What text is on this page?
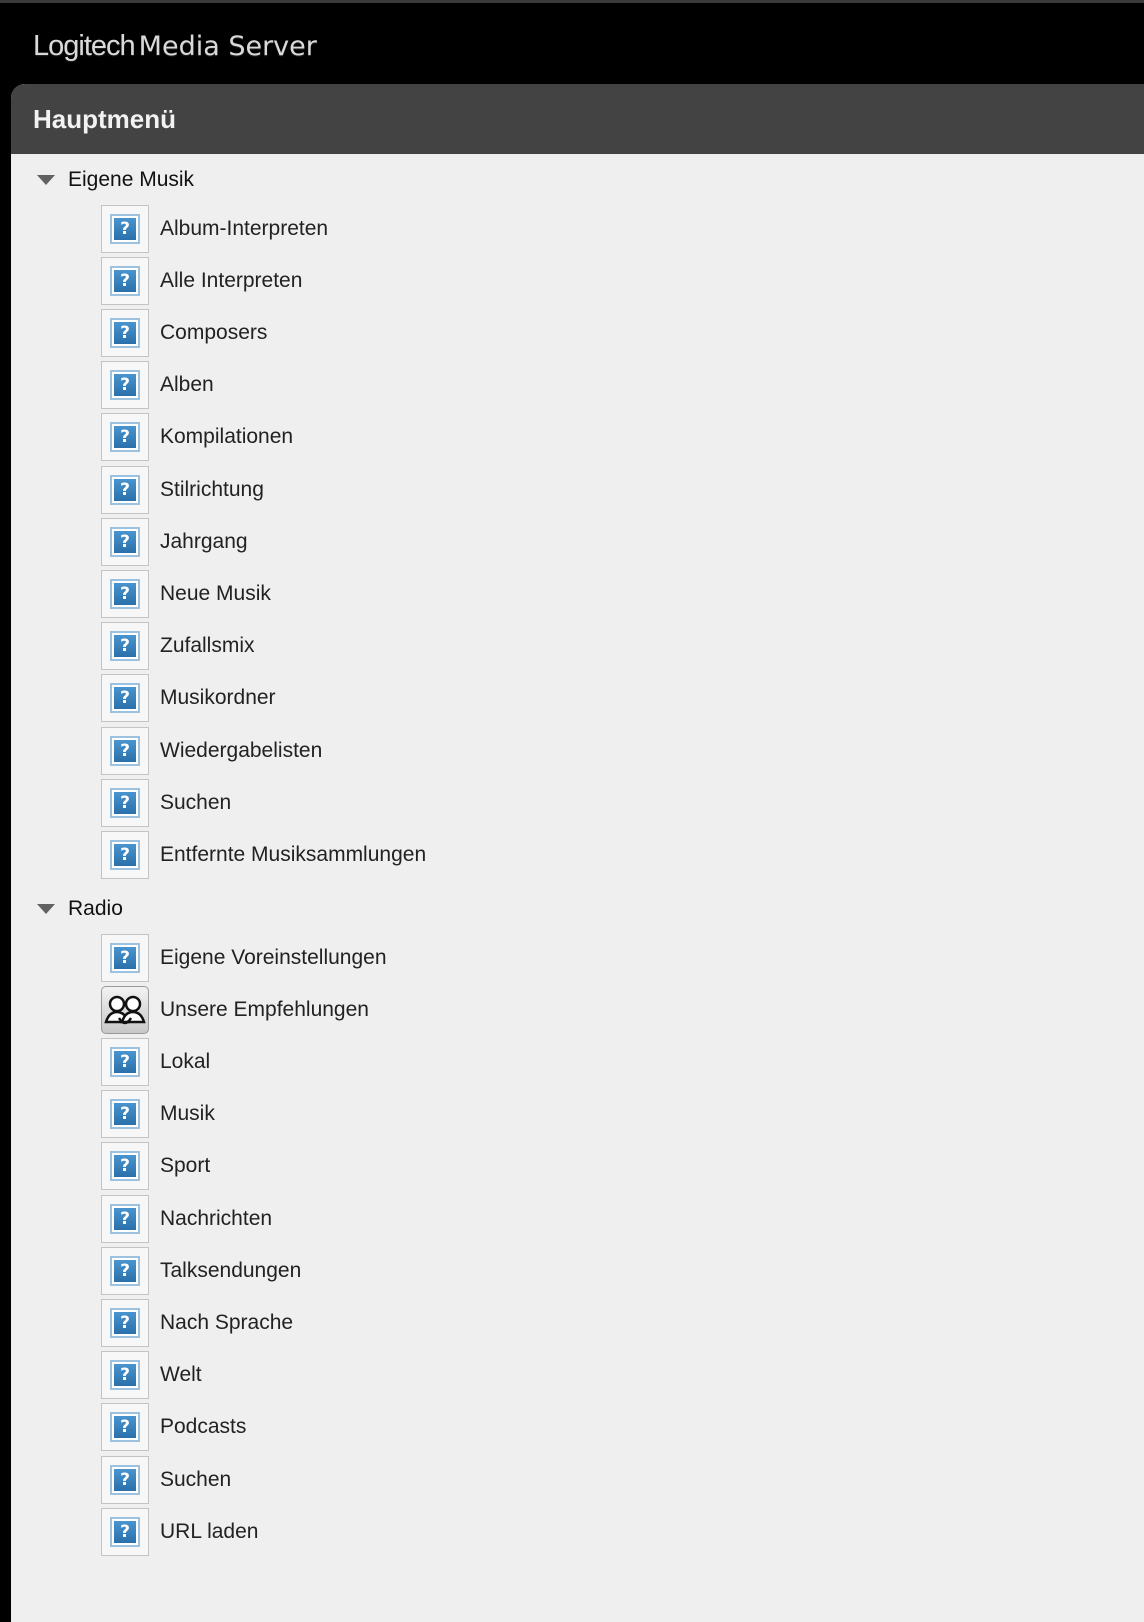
Logitech Media Server
Hauptmenü
Eigene Musik
? Album-Interpreten
? Alle Interpreten
? Composers
? Alben
? Kompilationen
? Stilrichtung
? Jahrgang
? Neue Musik
? Zufallsmix
? Musikordner
? Wiedergabelisten
? Suchen
? Entfernte Musiksammlungen
Radio
? Eigene Voreinstellungen
Unsere Empfehlungen
? Lokal
? Musik
? Sport
? Nachrichten
? Talksendungen
? Nach Sprache
? Welt
? Podcasts
? Suchen
? URL laden
